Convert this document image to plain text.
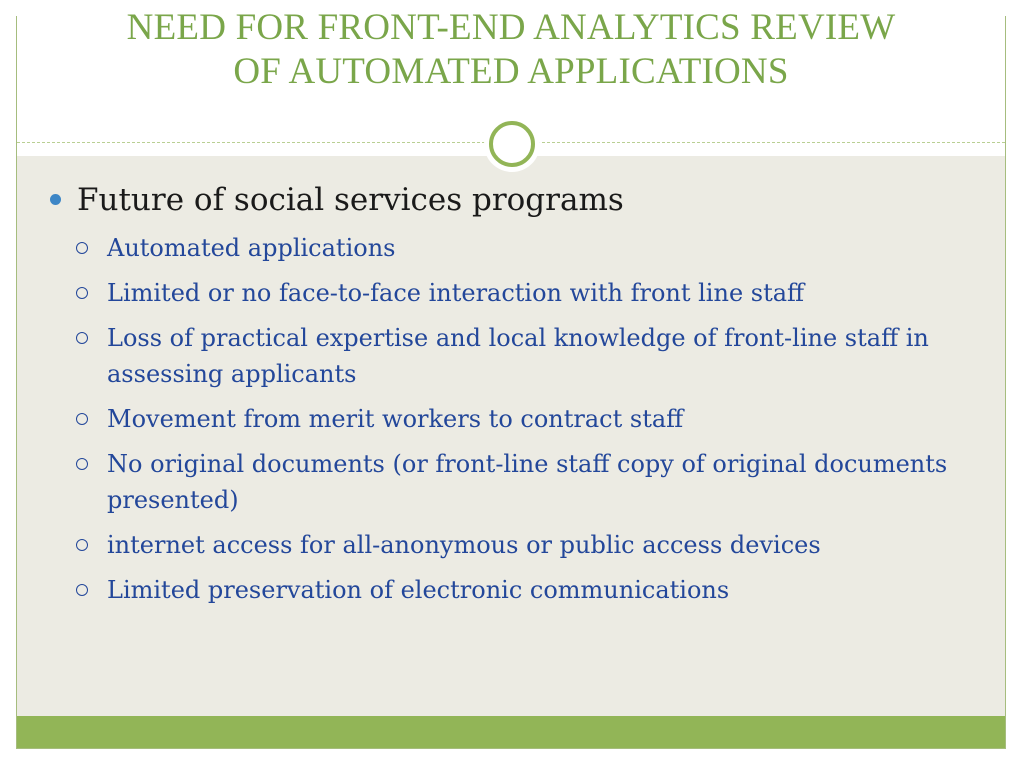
NEED FOR FRONT-END ANALYTICS REVIEW
OF AUTOMATED APPLICATIONS
Future of social services programs
Automated applications
Limited or no face-to-face interaction with front line staff
Loss of practical expertise and local knowledge of front-line staff in assessing applicants
Movement from merit workers to contract staff
No original documents (or front-line staff copy of original documents presented)
internet access for all-anonymous or public access devices
Limited preservation of electronic communications
